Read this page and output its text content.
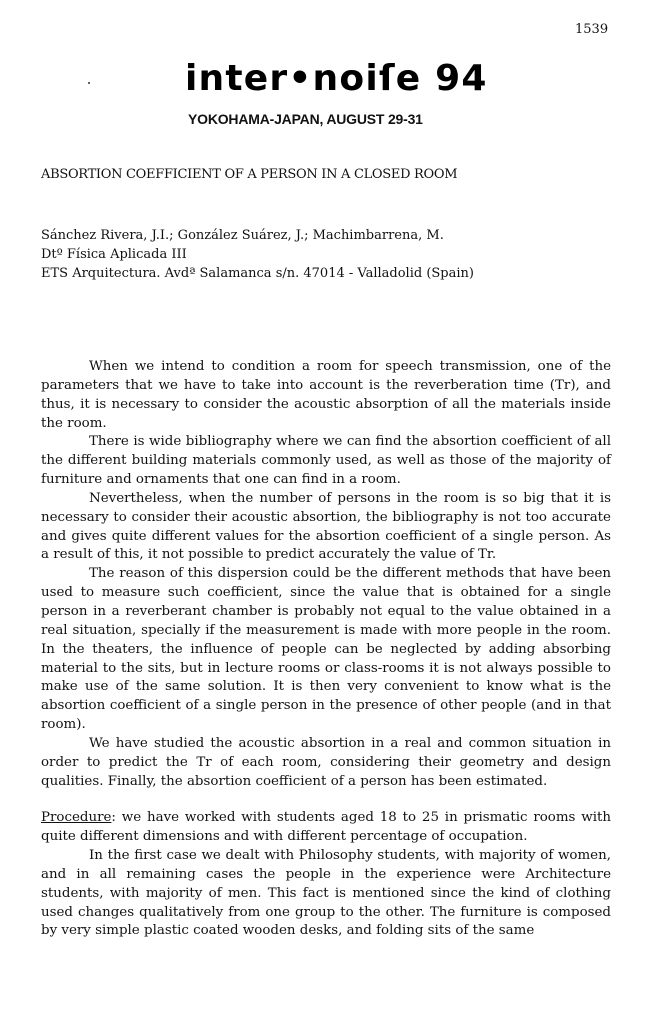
1539
inter•noiſe 94
YOKOHAMA-JAPAN, AUGUST 29-31
ABSORTION COEFFICIENT OF A PERSON IN A CLOSED ROOM
Sánchez Rivera, J.I.; González Suárez, J.; Machimbarrena, M.
Dtº Física Aplicada III
ETS Arquitectura. Avdª Salamanca s/n. 47014 - Valladolid (Spain)

When we intend to condition a room for speech transmission, one of the parameters that we have to take into account is the reverberation time (Tr), and thus, it is necessary to consider the acoustic absorption of all the materials inside the room.

There is wide bibliography where we can find the absortion coefficient of all the different building materials commonly used, as well as those of the majority of furniture and ornaments that one can find in a room.

Nevertheless, when the number of persons in the room is so big that it is necessary to consider their acoustic absortion, the bibliography is not too accurate and gives quite different values for the absortion coefficient of a single person. As a result of this, it not possible to predict accurately the value of Tr.

The reason of this dispersion could be the different methods that have been used to measure such coefficient, since the value that is obtained for a single person in a reverberant chamber is probably not equal to the value obtained in a real situation, specially if the measurement is made with more people in the room. In the theaters, the influence of people can be neglected by adding absorbing material to the sits, but in lecture rooms or class-rooms it is not always possible to make use of the same solution. It is then very convenient to know what is the absortion coefficient of a single person in the presence of other people (and in that room).

We have studied the acoustic absortion in a real and common situation in order to predict the Tr of each room, considering their geometry and design qualities. Finally, the absortion coefficient of a person has been estimated.

Procedure: we have worked with students aged 18 to 25 in prismatic rooms with quite different dimensions and with different percentage of occupation.

In the first case we dealt with Philosophy students, with majority of women, and in all remaining cases the people in the experience were Architecture students, with majority of men. This fact is mentioned since the kind of clothing used changes qualitatively from one group to the other. The furniture is composed by very simple plastic coated wooden desks, and folding sits of the same
